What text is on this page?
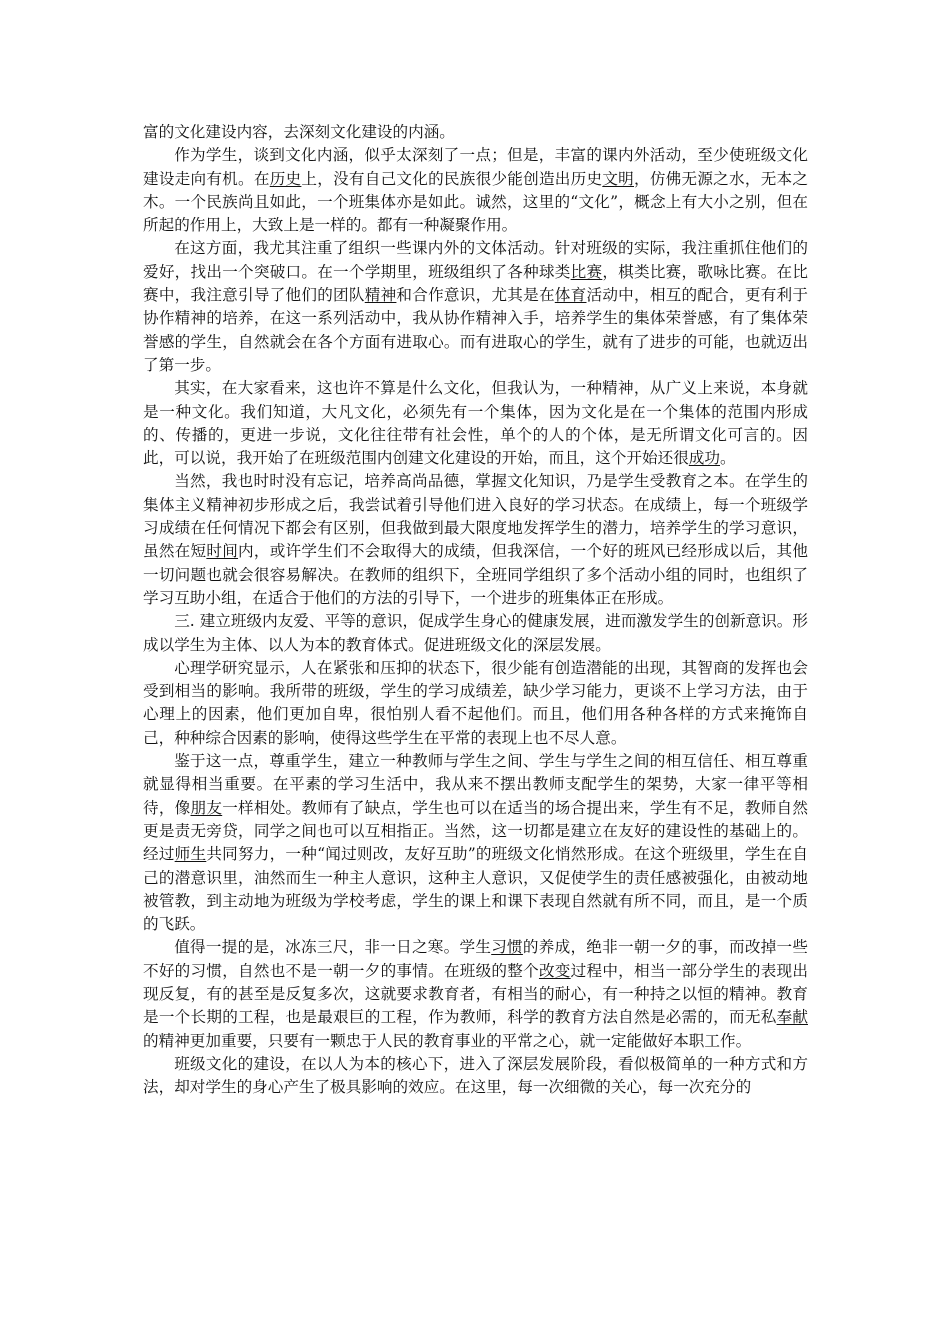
富的文化建设内容，去深刻文化建设的内涵。

作为学生，谈到文化内涵，似乎太深刻了一点；但是，丰富的课内外活动，至少使班级文化建设走向有机。在历史上，没有自己文化的民族很少能创造出历史文明，仿佛无源之水，无本之木。一个民族尚且如此，一个班集体亦是如此。诚然，这里的“文化”，概念上有大小之别，但在所起的作用上，大致上是一样的。都有一种凝聚作用。

在这方面，我尤其注重了组织一些课内外的文体活动。针对班级的实际，我注重抓住他们的爱好，找出一个突破口。在一个学期里，班级组织了各种球类比赛，棋类比赛，歌咏比赛。在比赛中，我注意引导了他们的团队精神和合作意识，尤其是在体育活动中，相互的配合，更有利于协作精神的培养，在这一系列活动中，我从协作精神入手，培养学生的集体荣誉感，有了集体荣誉感的学生，自然就会在各个方面有进取心。而有进取心的学生，就有了进步的可能，也就迈出了第一步。

其实，在大家看来，这也许不算是什么文化，但我认为，一种精神，从广义上来说，本身就是一种文化。我们知道，大凡文化，必须先有一个集体，因为文化是在一个集体的范围内形成的、传播的，更进一步说，文化往往带有社会性，单个的人的个体，是无所谓文化可言的。因此，可以说，我开始了在班级范围内创建文化建设的开始，而且，这个开始还很成功。

当然，我也时时没有忘记，培养高尚品德，掌握文化知识，乃是学生受教育之本。在学生的集体主义精神初步形成之后，我尝试着引导他们进入良好的学习状态。在成绩上，每一个班级学习成绩在任何情况下都会有区别，但我做到最大限度地发挥学生的潜力，培养学生的学习意识，虽然在短时间内，或许学生们不会取得大的成绩，但我深信，一个好的班风已经形成以后，其他一切问题也就会很容易解决。在教师的组织下，全班同学组织了多个活动小组的同时，也组织了学习互助小组，在适合于他们的方法的引导下，一个进步的班集体正在形成。

三. 建立班级内友爱、平等的意识，促成学生身心的健康发展，进而激发学生的创新意识。形成以学生为主体、以人为本的教育体式。促进班级文化的深层发展。

心理学研究显示，人在紧张和压抑的状态下，很少能有创造潜能的出现，其智商的发挥也会受到相当的影响。我所带的班级，学生的学习成绩差，缺少学习能力，更谈不上学习方法，由于心理上的因素，他们更加自卑，很怕别人看不起他们。而且，他们用各种各样的方式来掩饰自己，种种综合因素的影响，使得这些学生在平常的表现上也不尽人意。

鉴于这一点，尊重学生，建立一种教师与学生之间、学生与学生之间的相互信任、相互尊重就显得相当重要。在平素的学习生活中，我从来不摆出教师支配学生的架势，大家一律平等相待，像朋友一样相处。教师有了缺点，学生也可以在适当的场合提出来，学生有不足，教师自然更是责无旁贷，同学之间也可以互相指正。当然，这一切都是建立在友好的建设性的基础上的。经过师生共同努力，一种“闻过则改，友好互助”的班级文化悄然形成。在这个班级里，学生在自己的潜意识里，油然而生一种主人意识，这种主人意识，又促使学生的责任感被强化，由被动地被管教，到主动地为班级为学校考虑，学生的课上和课下表现自然就有所不同，而且，是一个质的飞跃。

值得一提的是，冰冻三尺，非一日之寒。学生习惯的养成，绝非一朝一夕的事，而改掉一些不好的习惯，自然也不是一朝一夕的事情。在班级的整个改变过程中，相当一部分学生的表现出现反复，有的甚至是反复多次，这就要求教育者，有相当的耐心，有一种持之以恒的精神。教育是一个长期的工程，也是最艰巨的工程，作为教师，科学的教育方法自然是必需的，而无私奉献的精神更加重要，只要有一颗忠于人民的教育事业的平常之心，就一定能做好本职工作。

班级文化的建设，在以人为本的核心下，进入了深层发展阶段，看似极简单的一种方式和方法，却对学生的身心产生了极具影响的效应。在这里，每一次细微的关心，每一次充分的
